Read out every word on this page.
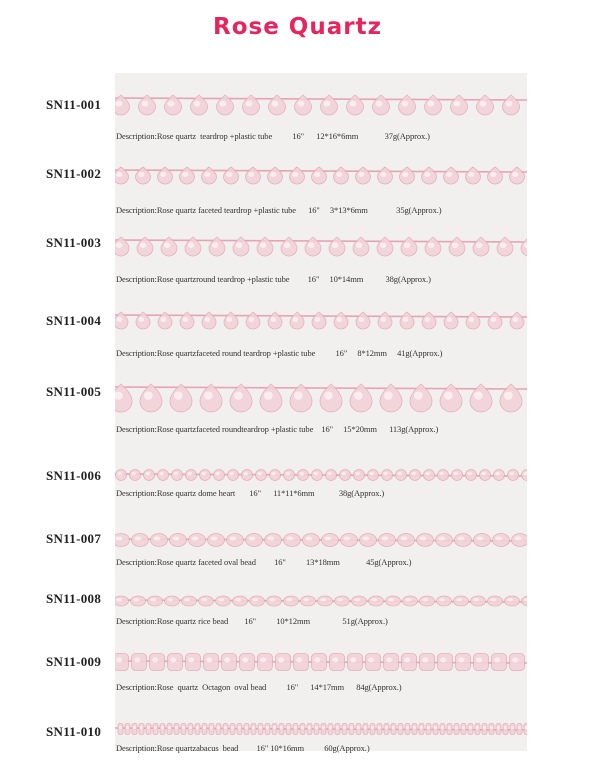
Rose Quartz
SN11-001
Description:Rose quartz  teardrop +plastic tube          16"      12*16*6mm             37g(Approx.)
SN11-002
Description:Rose quartz faceted teardrop +plastic tube      16"     3*13*6mm              35g(Approx.)
SN11-003
Description:Rose quartzround teardrop +plastic tube         16"     10*14mm           38g(Approx.)
SN11-004
Description:Rose quartzfaceted round teardrop +plastic tube          16"     8*12mm     41g(Approx.)
SN11-005
Description:Rose quartzfaceted roundteardrop +plastic tube    16"     15*20mm      113g(Approx.)
SN11-006
Description:Rose quartz dome heart       16"      11*11*6mm            38g(Approx.)
SN11-007
Description:Rose quartz faceted oval bead         16"          13*18mm             45g(Approx.)
SN11-008
Description:Rose quartz rice bead        16"          10*12mm                51g(Approx.)
SN11-009
Description:Rose  quartz  Octagon  oval bead          16"      14*17mm      84g(Approx.)
SN11-010
Description:Rose quartzabacus  bead         16" 10*16mm          60g(Approx.)
